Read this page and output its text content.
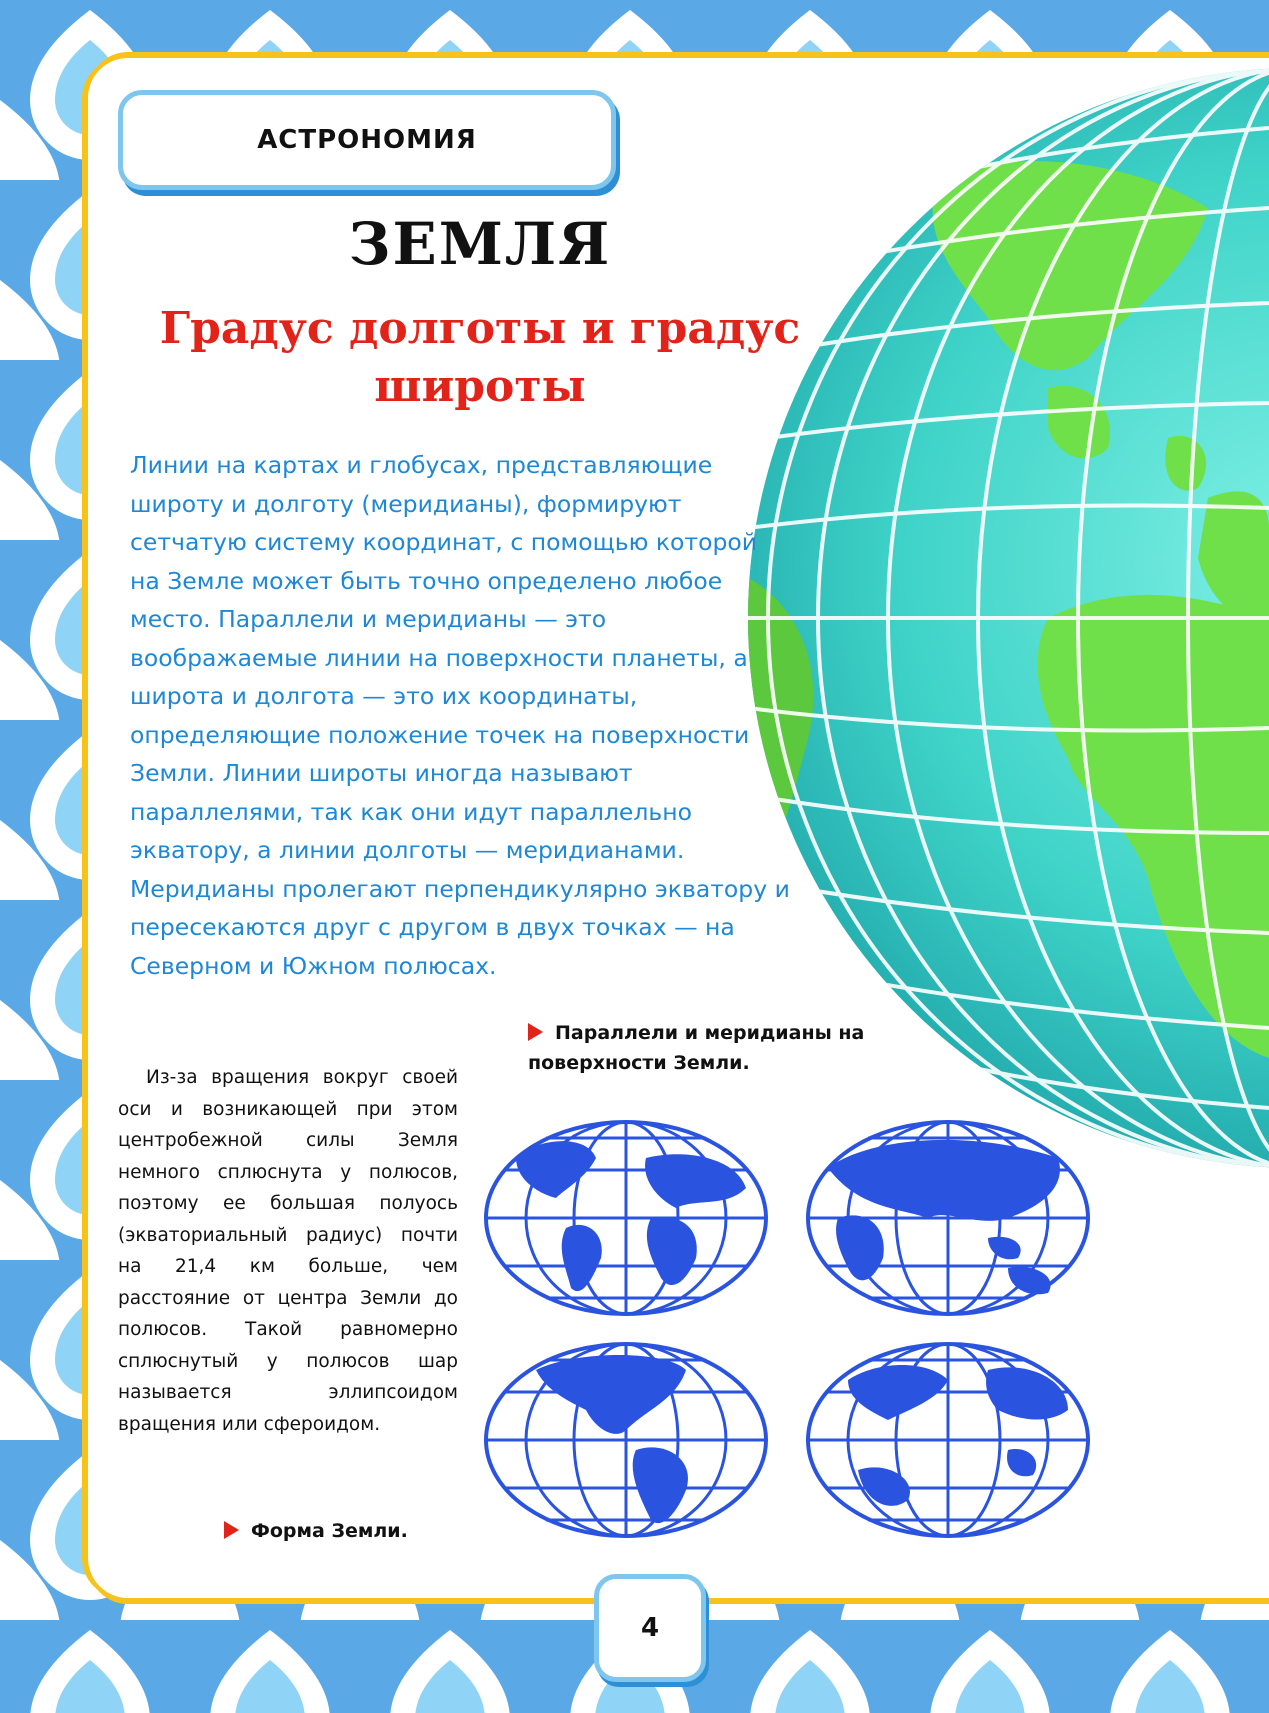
АСТРОНОМИЯ
ЗЕМЛЯ
Градус долготы и градус широты

Линии на картах и глобусах, представляющие широту и долготу (меридианы), формируют сетчатую систему координат, с помощью которой на Земле может быть точно определено любое место. Параллели и меридианы — это воображаемые линии на поверхности планеты, а широта и долгота — это их координаты, определяющие положение точек на поверхности Земли. Линии широты иногда называют параллелями, так как они идут параллельно экватору, а линии долготы — меридианами. Меридианы пролегают перпендикулярно экватору и пересекаются друг с другом в двух точках — на Северном и Южном полюсах.

Параллели и меридианы на поверхности Земли.

Из-за вращения вокруг своей оси и возникающей при этом центробежной силы Земля немного сплюснута у полюсов, поэтому ее большая полуось (экваториальный радиус) почти на 21,4 км больше, чем расстояние от центра Земли до полюсов. Такой равномерно сплюснутый у полюсов шар называется эллипсоидом вращения или сфероидом.

Форма Земли.
4
